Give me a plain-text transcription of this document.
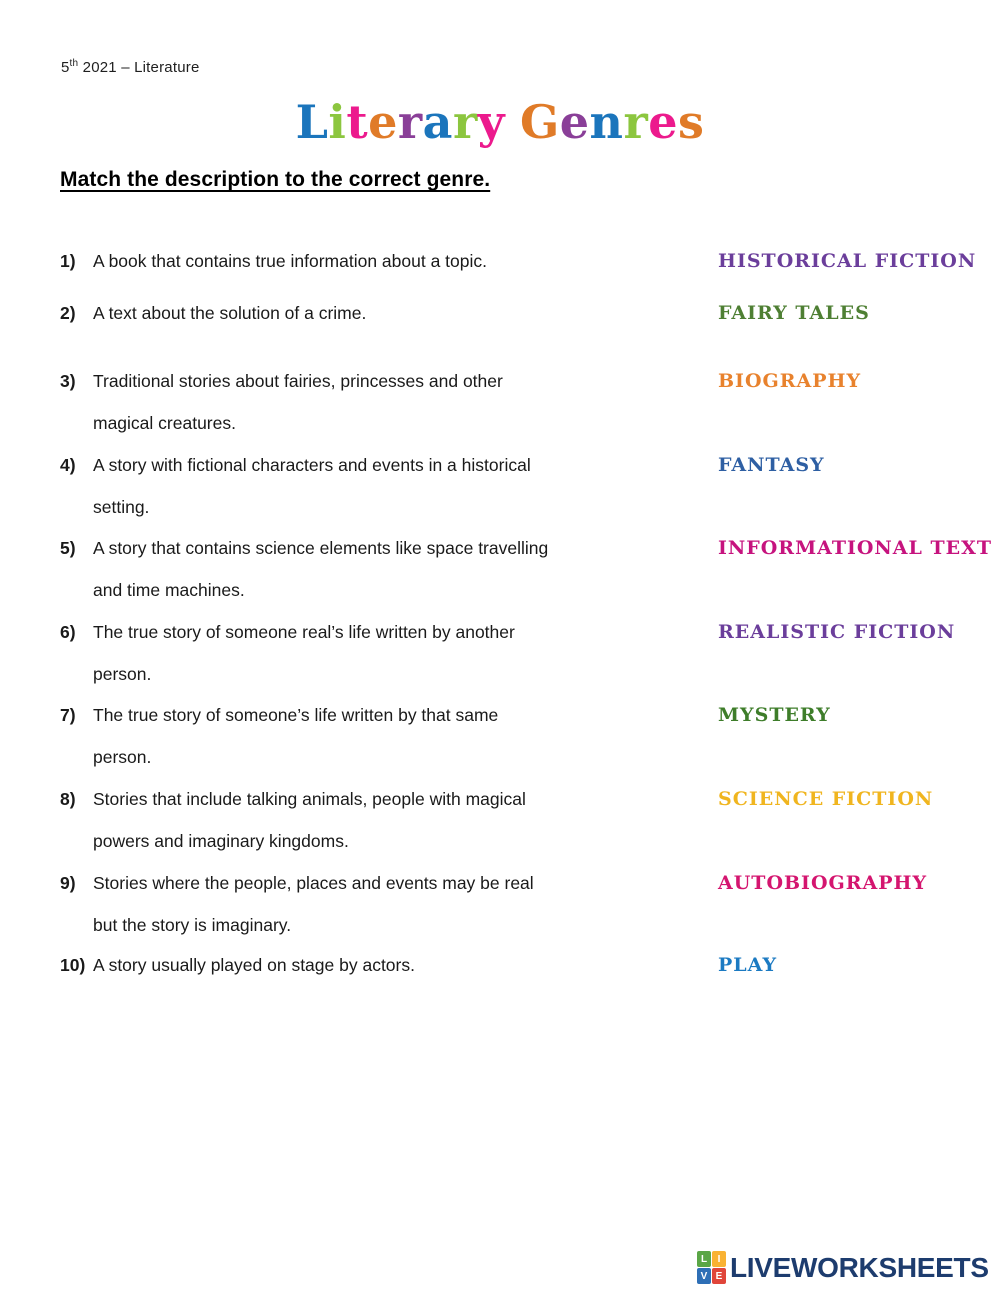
5th 2021 – Literature
Literary Genres
Match the description to the correct genre.
1) A book that contains true information about a topic.
2) A text about the solution of a crime.
3) Traditional stories about fairies, princesses and other
magical creatures.
4) A story with fictional characters and events in a historical
setting.
5) A story that contains science elements like space travelling
and time machines.
6) The true story of someone real’s life written by another
person.
7) The true story of someone’s life written by that same
person.
8) Stories that include talking animals, people with magical
powers and imaginary kingdoms.
9) Stories where the people, places and events may be real
but the story is imaginary.
10) A story usually played on stage by actors.
HISTORICAL FICTION
FAIRY TALES
BIOGRAPHY
FANTASY
INFORMATIONAL TEXT
REALISTIC FICTION
MYSTERY
SCIENCE FICTION
AUTOBIOGRAPHY
PLAY
L	I
V E LIVEWORKSHEETS
